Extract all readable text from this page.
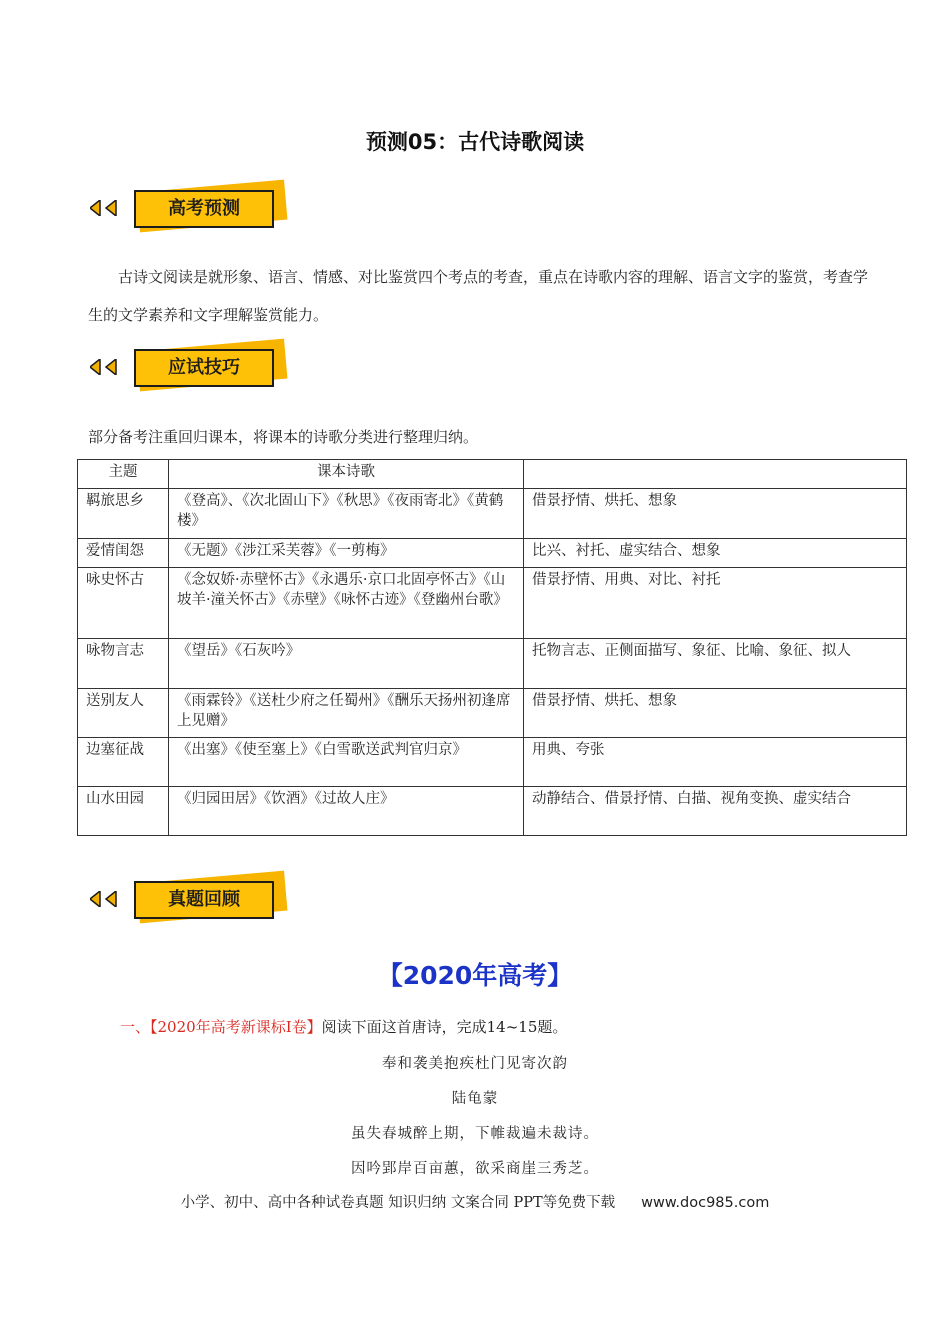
预测05：古代诗歌阅读
高考预测
古诗文阅读是就形象、语言、情感、对比鉴赏四个考点的考查，重点在诗歌内容的理解、语言文字的鉴赏，考查学生的文学素养和文字理解鉴赏能力。
应试技巧
部分备考注重回归课本，将课本的诗歌分类进行整理归纳。
主题	课本诗歌	
羁旅思乡	《登高》、《次北固山下》《秋思》《夜雨寄北》《黄鹤楼》	借景抒情、烘托、想象
爱情闺怨	《无题》《涉江采芙蓉》《一剪梅》	比兴、衬托、虚实结合、想象
咏史怀古	《念奴娇·赤壁怀古》《永遇乐·京口北固亭怀古》《山坡羊·潼关怀古》《赤壁》《咏怀古迹》《登幽州台歌》	借景抒情、用典、对比、衬托
咏物言志	《望岳》《石灰吟》	托物言志、正侧面描写、象征、比喻、象征、拟人
送别友人	《雨霖铃》《送杜少府之任蜀州》《酬乐天扬州初逢席上见赠》	借景抒情、烘托、想象
边塞征战	《出塞》《使至塞上》《白雪歌送武判官归京》	用典、夸张
山水田园	《归园田居》《饮酒》《过故人庄》	动静结合、借景抒情、白描、视角变换、虚实结合
真题回顾
【2020年高考】
一、【2020年高考新课标Ⅰ卷】阅读下面这首唐诗，完成14~15题。
奉和袭美抱疾杜门见寄次韵
陆龟蒙
虽失春城醉上期，下帷裁遍未裁诗。
因吟郢岸百亩蕙，欲采商崖三秀芝。
小学、初中、高中各种试卷真题 知识归纳 文案合同 PPT等免费下载 www.doc985.com
